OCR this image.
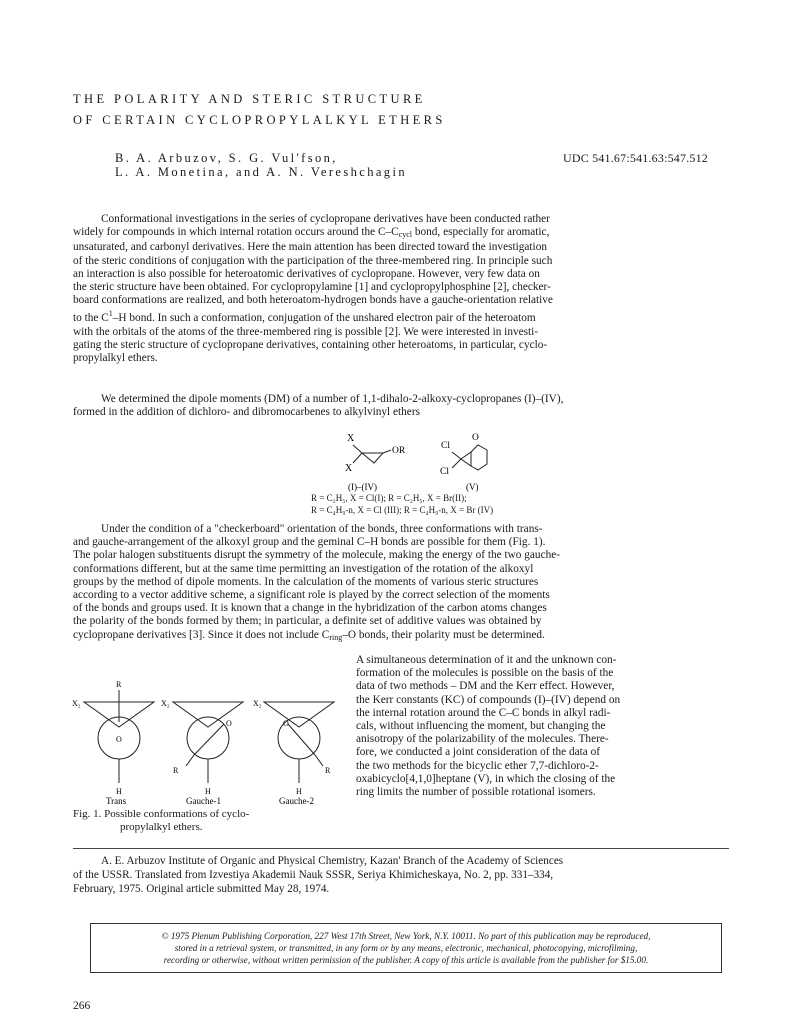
THE POLARITY AND STERIC STRUCTURE
OF CERTAIN CYCLOPROPYLALKYL ETHERS
B. A. Arbuzov, S. G. Vul'fson,
L. A. Monetina, and A. N. Vereshchagin
UDC 541.67:541.63:547.512
Conformational investigations in the series of cyclopropane derivatives have been conducted rather
widely for compounds in which internal rotation occurs around the $C-C_{cycl}$ bond, especially for aromatic,
unsaturated, and carbonyl derivatives. Here the main attention has been directed toward the investigation
of the steric conditions of conjugation with the participation of the three-membered ring. In principle such
an interaction is also possible for heteroatomic derivatives of cyclopropane. However, very few data on
the steric structure have been obtained. For cyclopropylamine [1] and cyclopropylphosphine [2], checker-
board conformations are realized, and both heteroatom-hydrogen bonds have a gauche-orientation relative
to the $C^1-H$ bond. In such a conformation, conjugation of the unshared electron pair of the heteroatom
with the orbitals of the atoms of the three-membered ring is possible [2]. We were interested in investi-
gating the steric structure of cyclopropane derivatives, containing other heteroatoms, in particular, cyclo-
propylalkyl ethers.
We determined the dipole moments (DM) of a number of 1,1-dihalo-2-alkoxy-cyclopropanes (I)–(IV),
formed in the addition of dichloro- and dibromocarbenes to alkylvinyl ethers
X
X
OR	Cl
O
Cl
(I)–(IV)	(V)
R = C₂H₅, X = Cl(I); R = C₂H₅, X = Br(II);
R = C₄H₉-n, X = Cl (III); R = C₄H₉-n, X = Br (IV)
Under the condition of a "checkerboard" orientation of the bonds, three conformations with trans-
and gauche-arrangement of the alkoxyl group and the geminal C–H bonds are possible for them (Fig. 1).
The polar halogen substituents disrupt the symmetry of the molecule, making the energy of the two gauche-
conformations different, but at the same time permitting an investigation of the rotation of the alkoxyl
groups by the method of dipole moments. In the calculation of the moments of various steric structures
according to a vector additive scheme, a significant role is played by the correct selection of the moments
of the bonds and groups used. It is known that a change in the hybridization of the carbon atoms changes
the polarity of the bonds formed by them; in particular, a definite set of additive values was obtained by
cyclopropane derivatives [3]. Since it does not include $C_{ring}-O$ bonds, their polarity must be determined.
A simultaneous determination of it and the unknown con-
formation of the molecules is possible on the basis of the
data of two methods – DM and the Kerr effect. However,
the Kerr constants (KC) of compounds (I)–(IV) depend on
the internal rotation around the C–C bonds in alkyl radi-
cals, without influencing the moment, but changing the
anisotropy of the polarizability of the molecules. There-
fore, we conducted a joint consideration of the data of
the two methods for the bicyclic ether 7,7-dichloro-2-
oxabicyclo[4,1,0]heptane (V), in which the closing of the
ring limits the number of possible rotational isomers.
R
X₂
O
H
Trans
X₂
O
R
H
Gauche-1
X₂
O
R
H
Gauche-2
Fig. 1. Possible conformations of cyclo-
propylalkyl ethers.
A. E. Arbuzov Institute of Organic and Physical Chemistry, Kazan' Branch of the Academy of Sciences
of the USSR. Translated from Izvestiya Akademii Nauk SSSR, Seriya Khimicheskaya, No. 2, pp. 331–334,
February, 1975. Original article submitted May 28, 1974.
© 1975 Plenum Publishing Corporation, 227 West 17th Street, New York, N.Y. 10011. No part of this publication may be reproduced,
stored in a retrieval system, or transmitted, in any form or by any means, electronic, mechanical, photocopying, microfilming,
recording or otherwise, without written permission of the publisher. A copy of this article is available from the publisher for $15.00.
266
